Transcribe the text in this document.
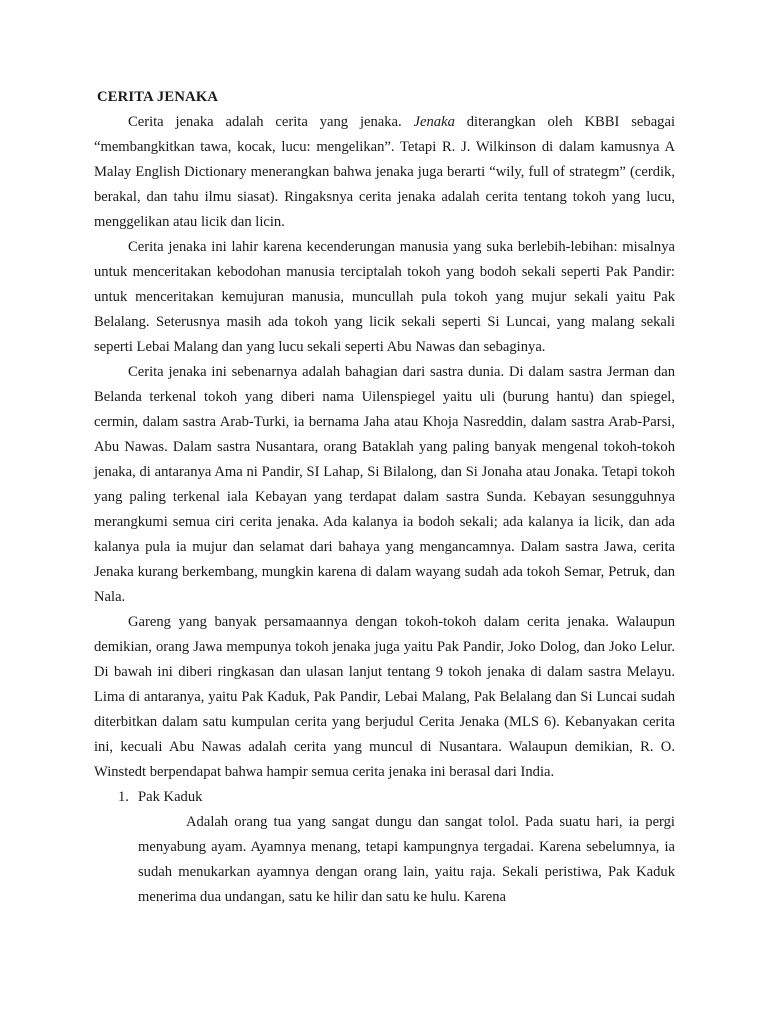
CERITA JENAKA

Cerita jenaka adalah cerita yang jenaka. Jenaka diterangkan oleh KBBI sebagai “membangkitkan tawa, kocak, lucu: mengelikan”. Tetapi R. J. Wilkinson di dalam kamusnya A Malay English Dictionary menerangkan bahwa jenaka juga berarti “wily, full of strategm” (cerdik, berakal, dan tahu ilmu siasat). Ringaksnya cerita jenaka adalah cerita tentang tokoh yang lucu, menggelikan atau licik dan licin.

Cerita jenaka ini lahir karena kecenderungan manusia yang suka berlebih-lebihan: misalnya untuk menceritakan kebodohan manusia terciptalah tokoh yang bodoh sekali seperti Pak Pandir: untuk menceritakan kemujuran manusia, muncullah pula tokoh yang mujur sekali yaitu Pak Belalang. Seterusnya masih ada tokoh yang licik sekali seperti Si Luncai, yang malang sekali seperti Lebai Malang dan yang lucu sekali seperti Abu Nawas dan sebaginya.

Cerita jenaka ini sebenarnya adalah bahagian dari sastra dunia. Di dalam sastra Jerman dan Belanda terkenal tokoh yang diberi nama Uilenspiegel yaitu uli (burung hantu) dan spiegel, cermin, dalam sastra Arab-Turki, ia bernama Jaha atau Khoja Nasreddin, dalam sastra Arab-Parsi, Abu Nawas. Dalam sastra Nusantara, orang Bataklah yang paling banyak mengenal tokoh-tokoh jenaka, di antaranya Ama ni Pandir, SI Lahap, Si Bilalong, dan Si Jonaha atau Jonaka. Tetapi tokoh yang paling terkenal iala Kebayan yang terdapat dalam sastra Sunda. Kebayan sesungguhnya merangkumi semua ciri cerita jenaka. Ada kalanya ia bodoh sekali; ada kalanya ia licik, dan ada kalanya pula ia mujur dan selamat dari bahaya yang mengancamnya. Dalam sastra Jawa, cerita Jenaka kurang berkembang, mungkin karena di dalam wayang sudah ada tokoh Semar, Petruk, dan Nala.

Gareng yang banyak persamaannya dengan tokoh-tokoh dalam cerita jenaka. Walaupun demikian, orang Jawa mempunya tokoh jenaka juga yaitu Pak Pandir, Joko Dolog, dan Joko Lelur. Di bawah ini diberi ringkasan dan ulasan lanjut tentang 9 tokoh jenaka di dalam sastra Melayu. Lima di antaranya, yaitu Pak Kaduk, Pak Pandir, Lebai Malang, Pak Belalang dan Si Luncai sudah diterbitkan dalam satu kumpulan cerita yang berjudul Cerita Jenaka (MLS 6). Kebanyakan cerita ini, kecuali Abu Nawas adalah cerita yang muncul di Nusantara. Walaupun demikian, R. O. Winstedt berpendapat bahwa hampir semua cerita jenaka ini berasal dari India.

1. Pak Kaduk

Adalah orang tua yang sangat dungu dan sangat tolol. Pada suatu hari, ia pergi menyabung ayam. Ayamnya menang, tetapi kampungnya tergadai. Karena sebelumnya, ia sudah menukarkan ayamnya dengan orang lain, yaitu raja. Sekali peristiwa, Pak Kaduk menerima dua undangan, satu ke hilir dan satu ke hulu. Karena
